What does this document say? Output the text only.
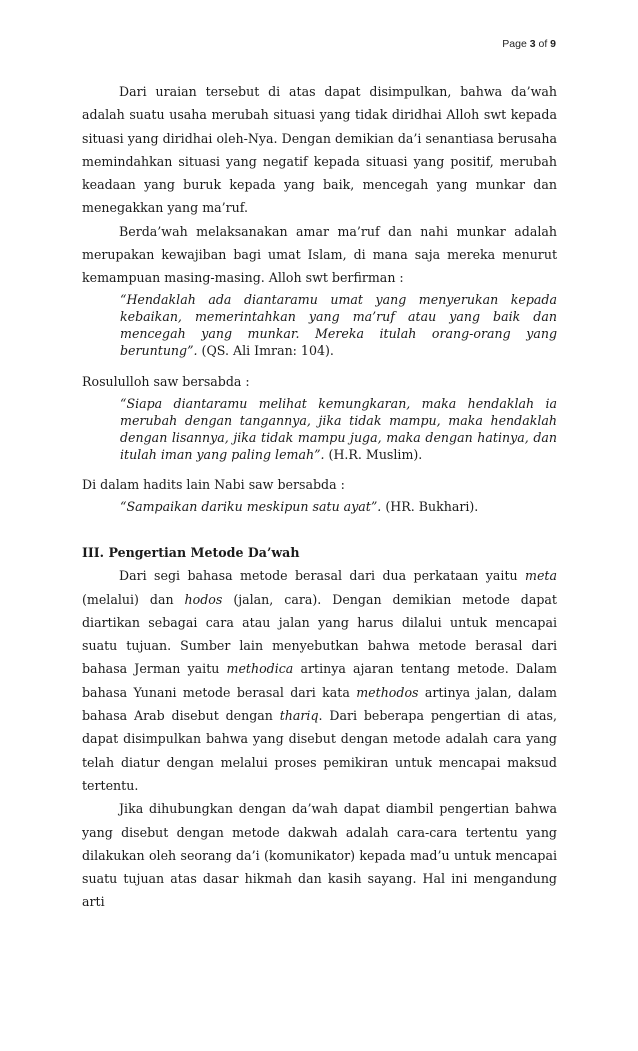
Page 3 of 9

Dari uraian tersebut di atas dapat disimpulkan, bahwa da’wah adalah suatu usaha merubah situasi yang tidak diridhai Alloh swt kepada situasi yang diridhai oleh-Nya. Dengan demikian da’i senantiasa berusaha memindahkan situasi yang negatif kepada situasi yang positif, merubah keadaan yang buruk kepada yang baik, mencegah yang munkar dan menegakkan yang ma’ruf.

Berda’wah melaksanakan amar ma’ruf dan nahi munkar adalah merupakan kewajiban bagi umat Islam, di mana saja mereka menurut kemampuan masing-masing. Alloh swt berfirman :

“Hendaklah ada diantaramu umat yang menyerukan kepada kebaikan, memerintahkan yang ma’ruf atau yang baik dan mencegah yang munkar. Mereka itulah orang-orang yang beruntung”. (QS. Ali Imran: 104).

Rosululloh saw bersabda :

“Siapa diantaramu melihat kemungkaran, maka hendaklah ia merubah dengan tangannya, jika tidak mampu, maka hendaklah dengan lisannya, jika tidak mampu juga, maka dengan hatinya, dan itulah iman yang paling lemah”. (H.R. Muslim).

Di dalam hadits lain Nabi saw bersabda :

“Sampaikan dariku meskipun satu ayat”. (HR. Bukhari).

III. Pengertian Metode Da’wah

Dari segi bahasa metode berasal dari dua perkataan yaitu meta (melalui) dan hodos (jalan, cara). Dengan demikian metode dapat diartikan sebagai cara atau jalan yang harus dilalui untuk mencapai suatu tujuan. Sumber lain menyebutkan bahwa metode berasal dari bahasa Jerman yaitu methodica artinya ajaran tentang metode. Dalam bahasa Yunani metode berasal dari kata methodos artinya jalan, dalam bahasa Arab disebut dengan thariq. Dari beberapa pengertian di atas, dapat disimpulkan bahwa yang disebut dengan metode adalah cara yang telah diatur dengan melalui proses pemikiran untuk mencapai maksud tertentu.

Jika dihubungkan dengan da’wah dapat diambil pengertian bahwa yang disebut dengan metode dakwah adalah cara-cara tertentu yang dilakukan oleh seorang da’i (komunikator) kepada mad’u untuk mencapai suatu tujuan atas dasar hikmah dan kasih sayang. Hal ini mengandung arti
